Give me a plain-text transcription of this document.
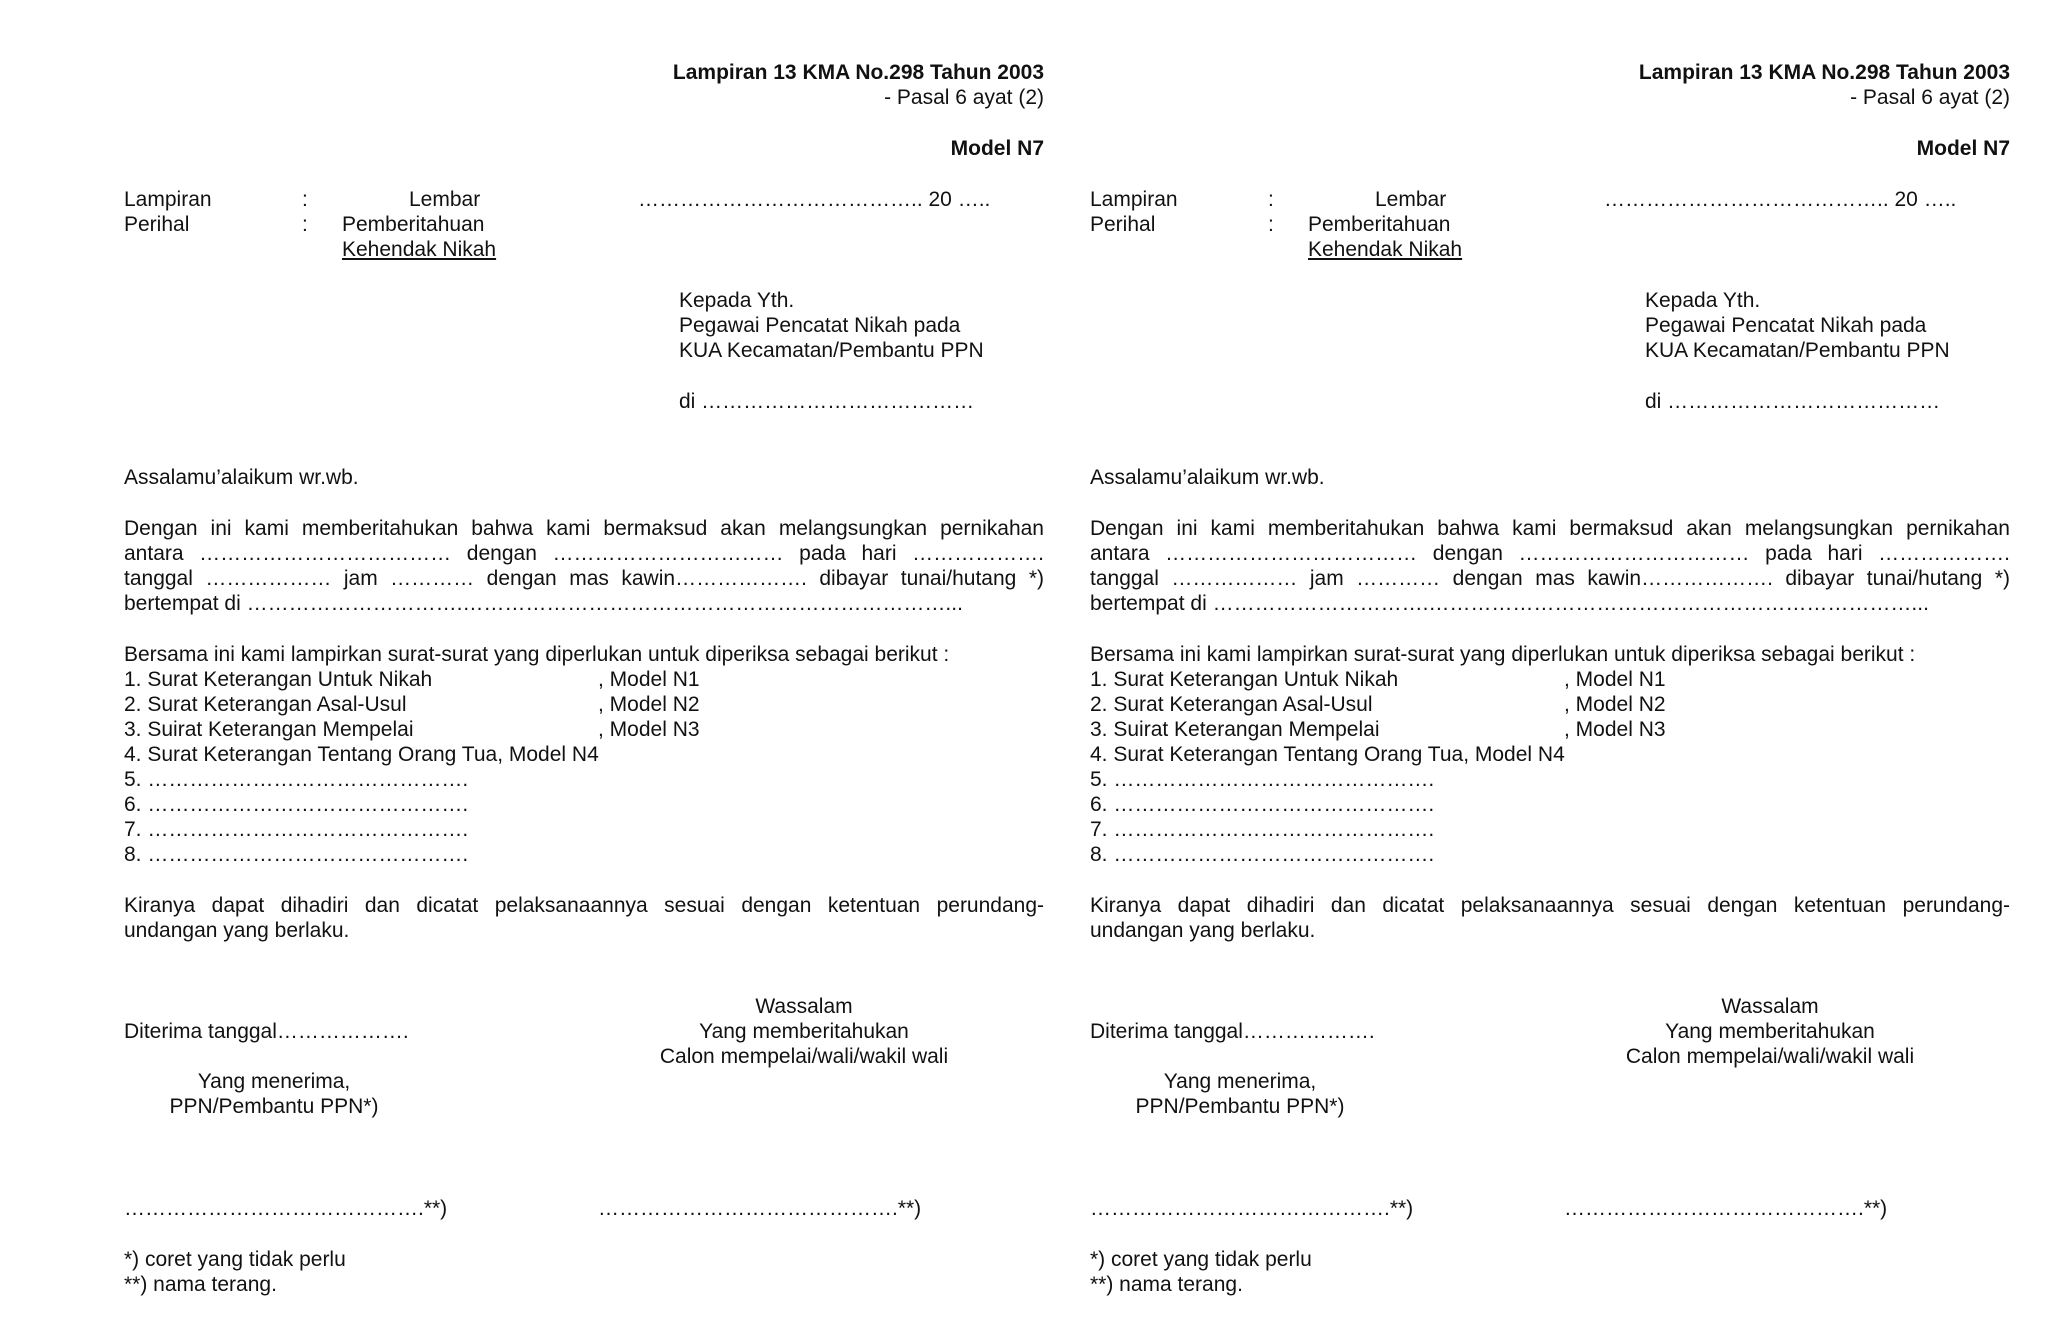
Lampiran 13 KMA No.298 Tahun 2003
- Pasal 6 ayat (2)
Model N7
Lampiran	:	Lembar	………………………………….. 20 …..
Perihal	: Pemberitahuan
Kehendak Nikah
Kepada Yth.
Pegawai Pencatat Nikah pada
KUA Kecamatan/Pembantu PPN
di …………………………………
Assalamu’alaikum wr.wb.
Dengan ini kami memberitahukan bahwa kami bermaksud akan melangsungkan pernikahan
antara ……………………………… dengan …………………………… pada hari ……………….
tanggal ……………… jam ………… dengan mas kawin………………. dibayar tunai/hutang *)
bertempat di ………………………….……………………………………………………………...
Bersama ini kami lampirkan surat-surat yang diperlukan untuk diperiksa sebagai berikut :
1. Surat Keterangan Untuk Nikah	, Model N1
2. Surat Keterangan Asal-Usul	, Model N2
3. Suirat Keterangan Mempelai	, Model N3
4. Surat Keterangan Tentang Orang Tua, Model N4
5. ……………………………………….
6. ……………………………………….
7. ……………………………………….
8. ……………………………………….
Kiranya dapat dihadiri dan dicatat pelaksanaannya sesuai dengan ketentuan perundang-
undangan yang berlaku.
Wassalam
Diterima tanggal……………….	Yang memberitahukan
Calon mempelai/wali/wakil wali
Yang menerima,
PPN/Pembantu PPN*)
…………………………………….**)	…………………………………….**)
*) coret yang tidak perlu
**) nama terang.
Lampiran 13 KMA No.298 Tahun 2003
- Pasal 6 ayat (2)
Model N7
Lampiran	:	Lembar	………………………………….. 20 …..
Perihal	: Pemberitahuan
Kehendak Nikah
Kepada Yth.
Pegawai Pencatat Nikah pada
KUA Kecamatan/Pembantu PPN
di …………………………………
Assalamu’alaikum wr.wb.
Dengan ini kami memberitahukan bahwa kami bermaksud akan melangsungkan pernikahan
antara ……………………………… dengan …………………………… pada hari ……………….
tanggal ……………… jam ………… dengan mas kawin………………. dibayar tunai/hutang *)
bertempat di ………………………….……………………………………………………………...
Bersama ini kami lampirkan surat-surat yang diperlukan untuk diperiksa sebagai berikut :
1. Surat Keterangan Untuk Nikah	, Model N1
2. Surat Keterangan Asal-Usul	, Model N2
3. Suirat Keterangan Mempelai	, Model N3
4. Surat Keterangan Tentang Orang Tua, Model N4
5. ……………………………………….
6. ……………………………………….
7. ……………………………………….
8. ……………………………………….
Kiranya dapat dihadiri dan dicatat pelaksanaannya sesuai dengan ketentuan perundang-
undangan yang berlaku.
Wassalam
Diterima tanggal……………….	Yang memberitahukan
Calon mempelai/wali/wakil wali
Yang menerima,
PPN/Pembantu PPN*)
…………………………………….**)	…………………………………….**)
*) coret yang tidak perlu
**) nama terang.
